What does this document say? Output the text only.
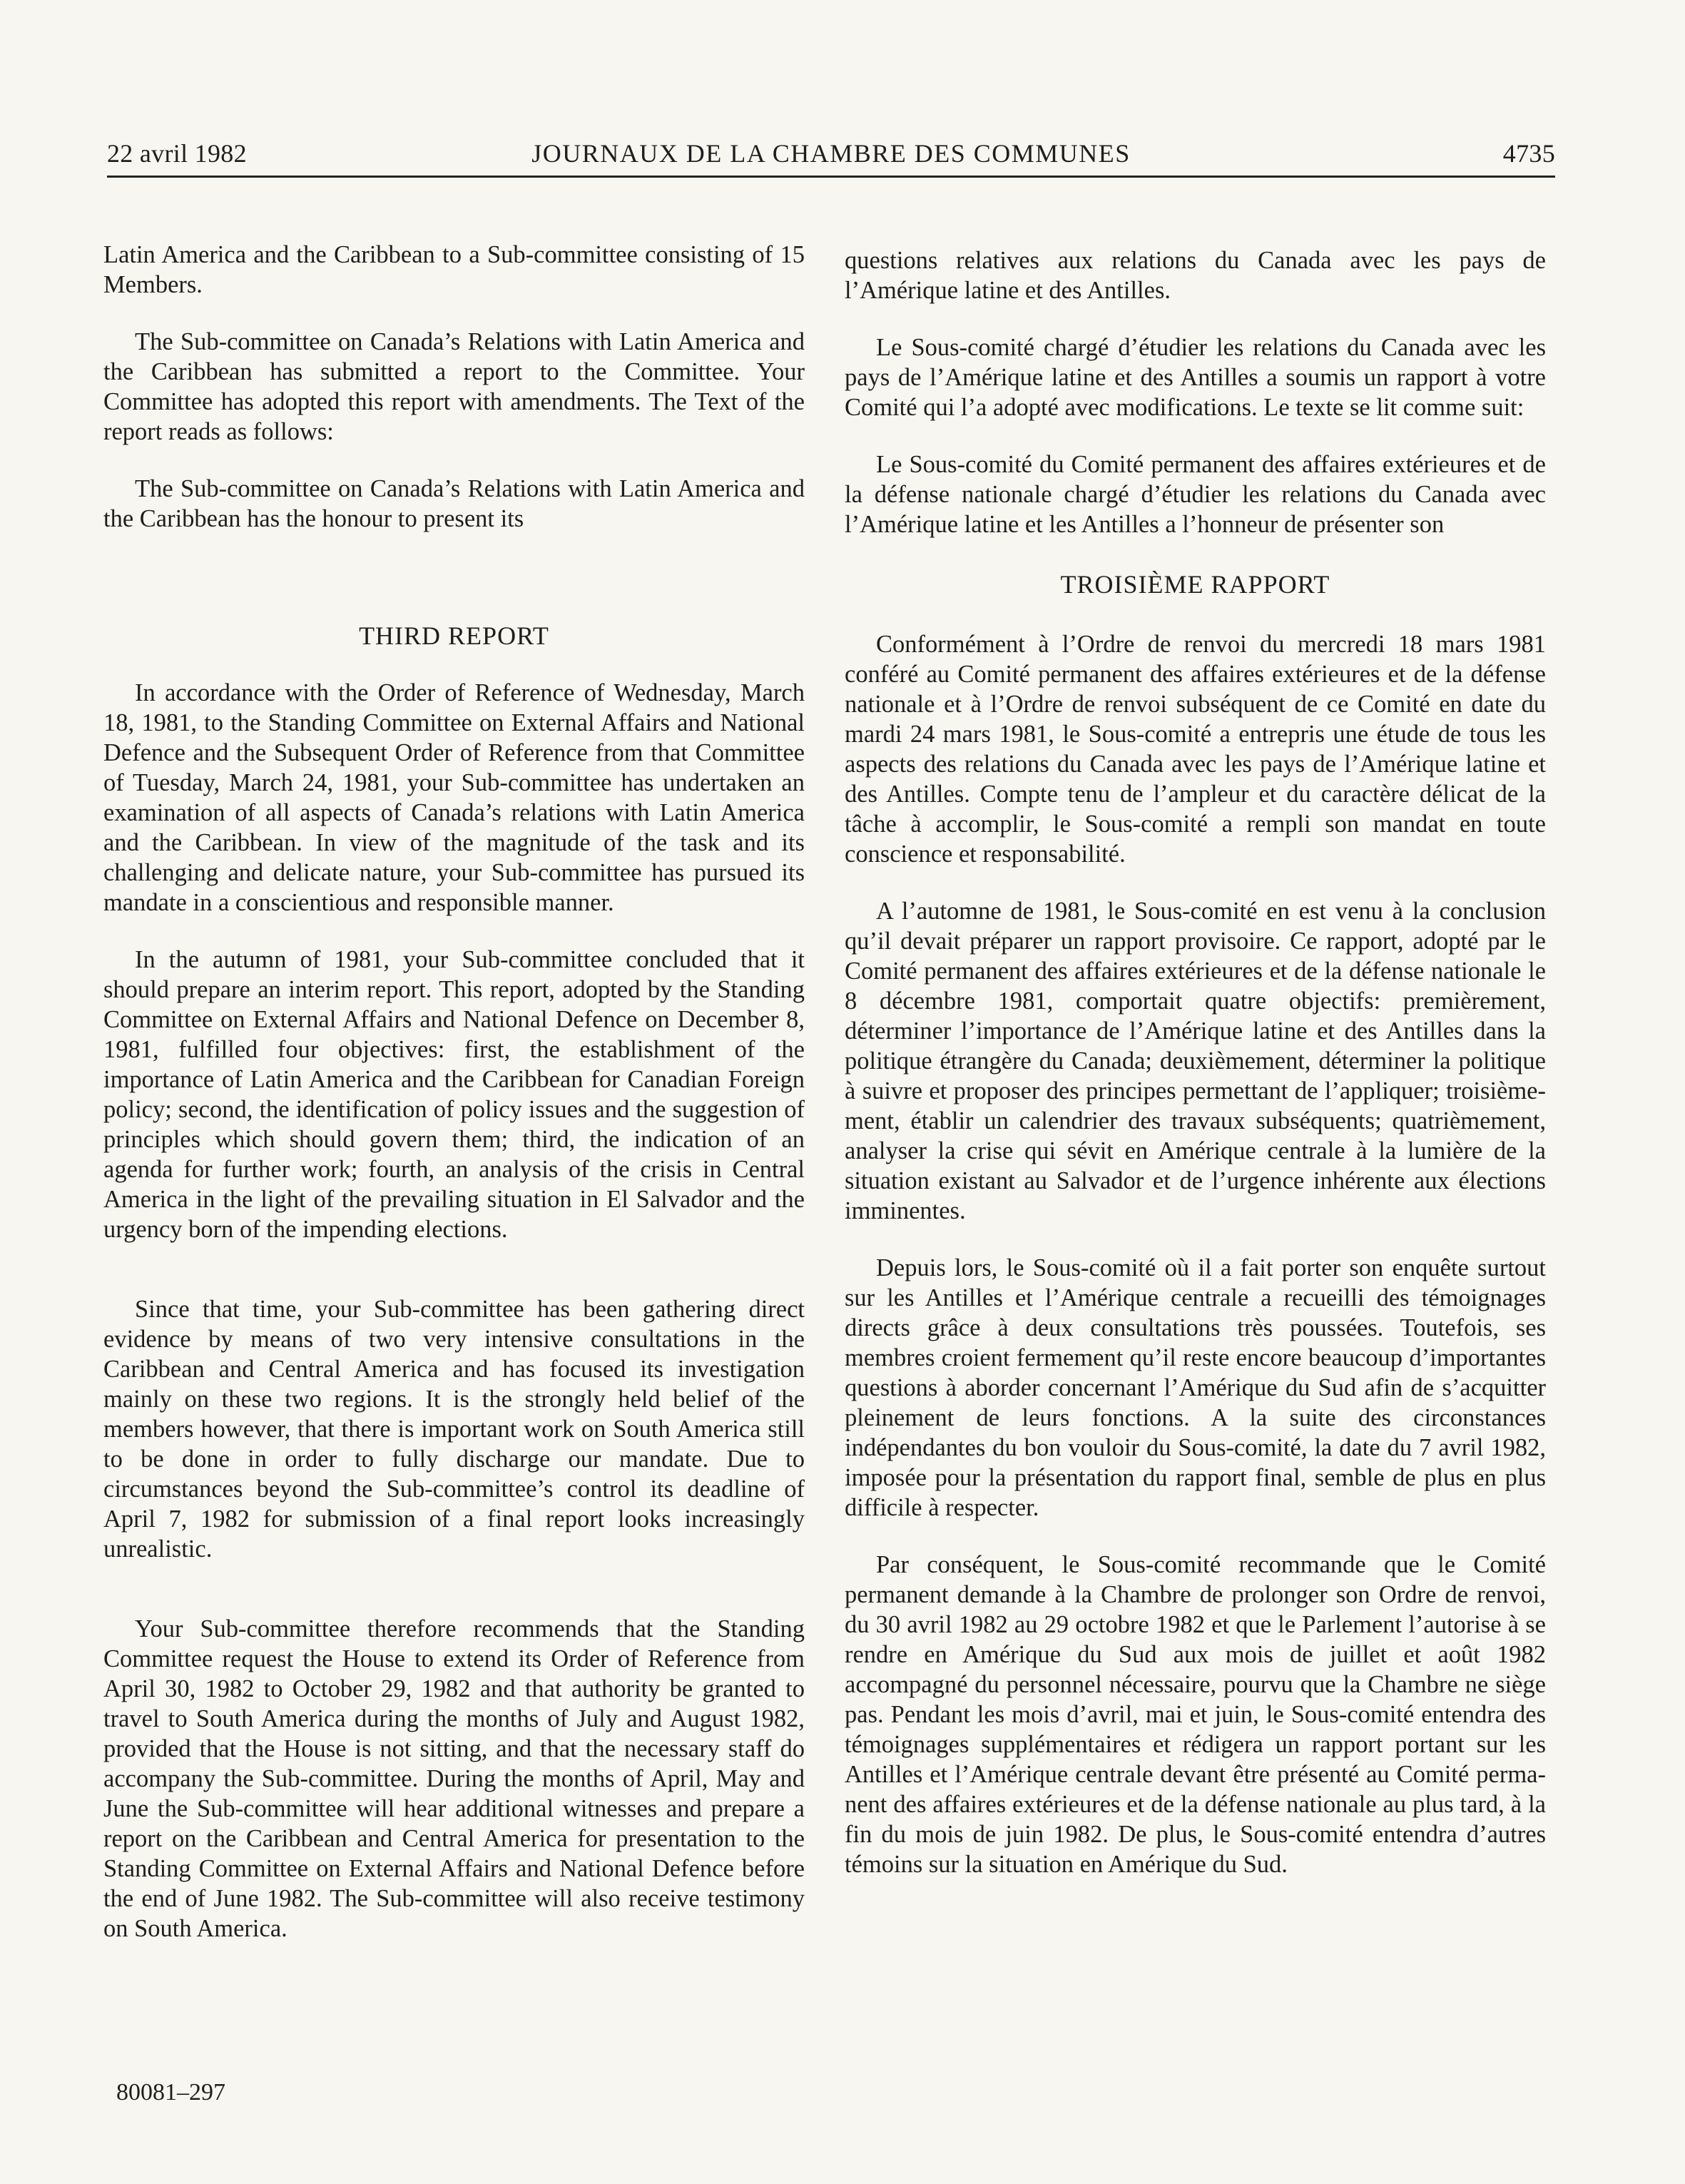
22 avril 1982	JOURNAUX DE LA CHAMBRE DES COMMUNES	4735

Latin America and the Caribbean to a Sub-committee consisting of 15 Members.

The Sub-committee on Canada’s Relations with Latin America and the Caribbean has submitted a report to the Committee. Your Committee has adopted this report with amendments. The Text of the report reads as follows:

The Sub-committee on Canada’s Relations with Latin America and the Caribbean has the honour to present its

THIRD REPORT

In accordance with the Order of Reference of Wednesday, March 18, 1981, to the Standing Committee on External Affairs and National Defence and the Subsequent Order of Reference from that Committee of Tuesday, March 24, 1981, your Sub-committee has undertaken an examination of all aspects of Canada’s relations with Latin America and the Caribbean. In view of the magnitude of the task and its challenging and delicate nature, your Sub-committee has pursued its mandate in a conscientious and responsible manner.

In the autumn of 1981, your Sub-committee concluded that it should prepare an interim report. This report, adopted by the Standing Committee on External Affairs and National Defence on December 8, 1981, fulfilled four objectives: first, the establishment of the importance of Latin America and the Caribbean for Canadian Foreign policy; second, the identification of policy issues and the suggestion of principles which should govern them; third, the indication of an agenda for further work; fourth, an analysis of the crisis in Central America in the light of the prevailing situation in El Salvador and the urgency born of the impending elections.

Since that time, your Sub-committee has been gathering direct evidence by means of two very intensive consultations in the Caribbean and Central America and has focused its investigation mainly on these two regions. It is the strongly held belief of the members however, that there is important work on South America still to be done in order to fully discharge our mandate. Due to circumstances beyond the Sub-committee’s control its deadline of April 7, 1982 for submission of a final report looks increasingly unrealistic.

Your Sub-committee therefore recommends that the Standing Committee request the House to extend its Order of Reference from April 30, 1982 to October 29, 1982 and that authority be granted to travel to South America during the months of July and August 1982, provided that the House is not sitting, and that the necessary staff do accompany the Sub-committee. During the months of April, May and June the Sub-committee will hear additional witnesses and prepare a report on the Caribbean and Central America for presentation to the Standing Committee on External Affairs and National Defence before the end of June 1982. The Sub-committee will also receive testimony on South America.

questions relatives aux relations du Canada avec les pays de l’Amérique latine et des Antilles.

Le Sous-comité chargé d’étudier les relations du Canada avec les pays de l’Amérique latine et des Antilles a soumis un rapport à votre Comité qui l’a adopté avec modifications. Le texte se lit comme suit:

Le Sous-comité du Comité permanent des affaires extérieures et de la défense nationale chargé d’étudier les relations du Canada avec l’Amérique latine et les Antilles a l’honneur de présenter son

TROISIÈME RAPPORT

Conformément à l’Ordre de renvoi du mercredi 18 mars 1981 conféré au Comité permanent des affaires extérieures et de la défense nationale et à l’Ordre de renvoi subséquent de ce Comité en date du mardi 24 mars 1981, le Sous-comité a entrepris une étude de tous les aspects des relations du Canada avec les pays de l’Amérique latine et des Antilles. Compte tenu de l’ampleur et du caractère délicat de la tâche à accomplir, le Sous-comité a rempli son mandat en toute conscience et responsabilité.

A l’automne de 1981, le Sous-comité en est venu à la conclusion qu’il devait préparer un rapport provisoire. Ce rapport, adopté par le Comité permanent des affaires extérieures et de la défense nationale le 8 décembre 1981, comportait quatre objectifs: premièrement, déterminer l’importance de l’Amérique latine et des Antilles dans la politique étrangère du Canada; deuxièmement, déterminer la politique à suivre et proposer des principes permettant de l’appliquer; troisièmement, établir un calendrier des travaux subséquents; quatrièmement, analyser la crise qui sévit en Amérique centrale à la lumière de la situation existant au Salvador et de l’urgence inhérente aux élections imminentes.

Depuis lors, le Sous-comité où il a fait porter son enquête surtout sur les Antilles et l’Amérique centrale a recueilli des témoignages directs grâce à deux consultations très poussées. Toutefois, ses membres croient fermement qu’il reste encore beaucoup d’importantes questions à aborder concernant l’Amérique du Sud afin de s’acquitter pleinement de leurs fonctions. A la suite des circonstances indépendantes du bon vouloir du Sous-comité, la date du 7 avril 1982, imposée pour la présentation du rapport final, semble de plus en plus difficile à respecter.

Par conséquent, le Sous-comité recommande que le Comité permanent demande à la Chambre de prolonger son Ordre de renvoi, du 30 avril 1982 au 29 octobre 1982 et que le Parlement l’autorise à se rendre en Amérique du Sud aux mois de juillet et août 1982 accompagné du personnel nécessaire, pourvu que la Chambre ne siège pas. Pendant les mois d’avril, mai et juin, le Sous-comité entendra des témoignages supplémentaires et rédigera un rapport portant sur les Antilles et l’Amérique centrale devant être présenté au Comité permanent des affaires extérieures et de la défense nationale au plus tard, à la fin du mois de juin 1982. De plus, le Sous-comité entendra d’autres témoins sur la situation en Amérique du Sud.

80081–297
